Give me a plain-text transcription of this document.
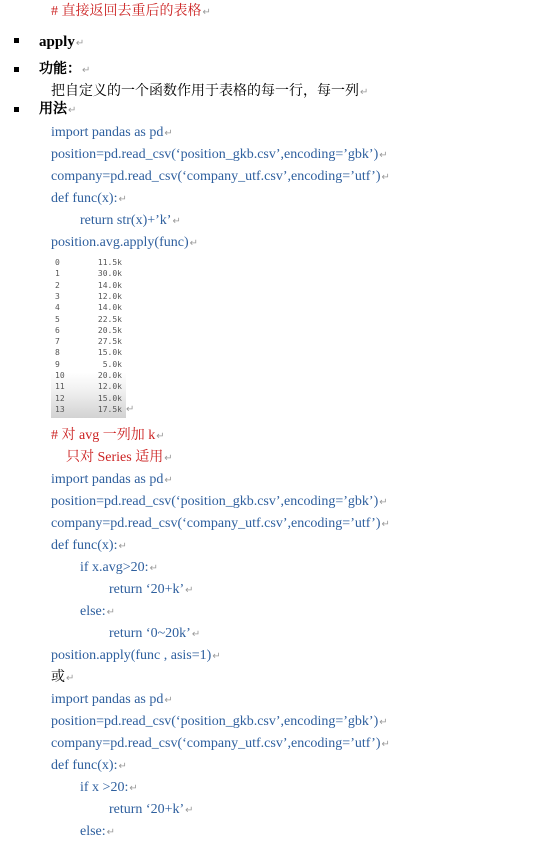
# 直接返回去重后的表格↵
apply↵
功能：↵
把自定义的一个函数作用于表格的每一行，每一列↵
用法↵
import pandas as pd↵
position=pd.read_csv(‘position_gkb.csv’,encoding=’gbk’)↵
company=pd.read_csv(‘company_utf.csv’,encoding=’utf’)↵
def func(x):↵
return str(x)+’k’↵
position.avg.apply(func)↵
0	11.5k
1	30.0k
2	14.0k
3	12.0k
4	14.0k
5	22.5k
6	20.5k
7	27.5k
8	15.0k
9	5.0k
10	20.0k
11	12.0k
12	15.0k
13	17.5k ↵
# 对 avg 一列加 k↵
只对 Series 适用↵
import pandas as pd↵
position=pd.read_csv(‘position_gkb.csv’,encoding=’gbk’)↵
company=pd.read_csv(‘company_utf.csv’,encoding=’utf’)↵
def func(x):↵
if x.avg>20:↵
return ‘20+k’↵
else:↵
return ‘0~20k’↵
position.apply(func , asis=1)↵
或↵
import pandas as pd↵
position=pd.read_csv(‘position_gkb.csv’,encoding=’gbk’)↵
company=pd.read_csv(‘company_utf.csv’,encoding=’utf’)↵
def func(x):↵
if x >20:↵
return ‘20+k’↵
else:↵
